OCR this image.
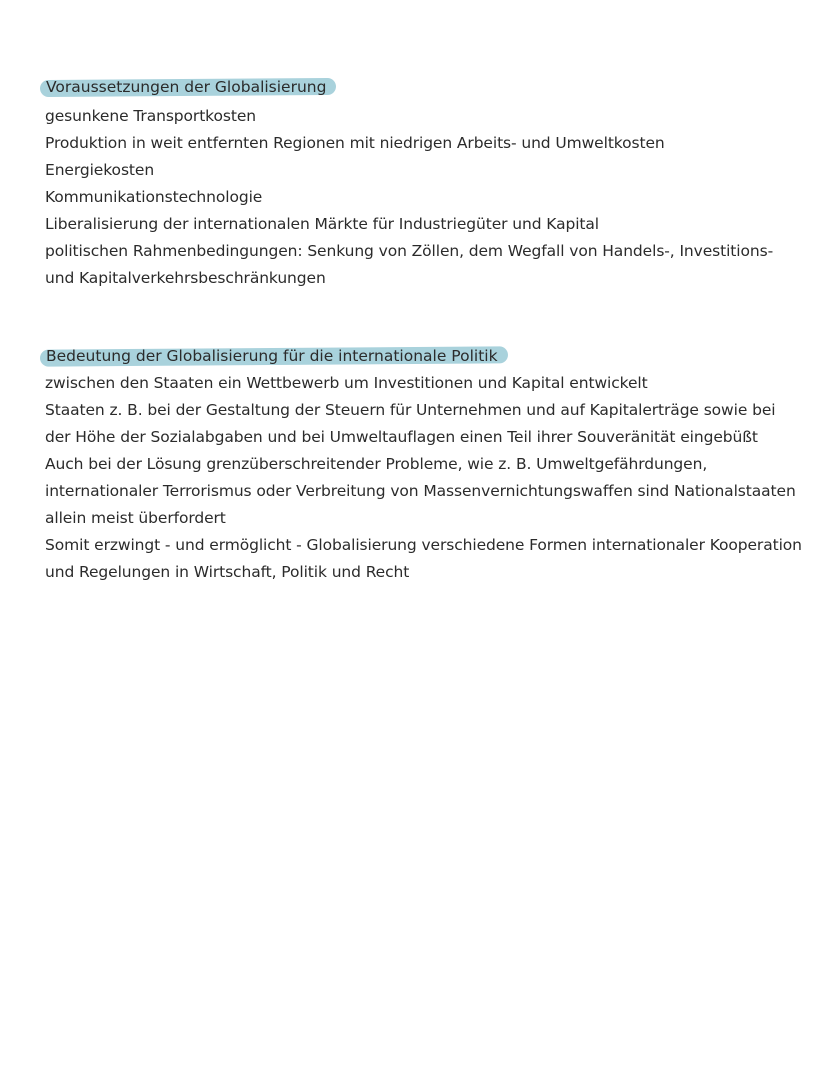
Voraussetzungen der Globalisierung
gesunkene Transportkosten
Produktion in weit entfernten Regionen mit niedrigen Arbeits- und Umweltkosten
Energiekosten
Kommunikationstechnologie
Liberalisierung der internationalen Märkte für Industriegüter und Kapital
politischen Rahmenbedingungen: Senkung von Zöllen, dem Wegfall von Handels-, Investitions- und Kapitalverkehrsbeschränkungen
Bedeutung der Globalisierung für die internationale Politik
zwischen den Staaten ein Wettbewerb um Investitionen und Kapital entwickelt
Staaten z. B. bei der Gestaltung der Steuern für Unternehmen und auf Kapitalerträge sowie bei der Höhe der Sozialabgaben und bei Umweltauflagen einen Teil ihrer Souveränität eingebüßt
Auch bei der Lösung grenzüberschreitender Probleme, wie z. B. Umweltgefährdungen, internationaler Terrorismus oder Verbreitung von Massenvernichtungswaffen sind Nationalstaaten allein meist überfordert
Somit erzwingt - und ermöglicht - Globalisierung verschiedene Formen internationaler Kooperation und Regelungen in Wirtschaft, Politik und Recht
